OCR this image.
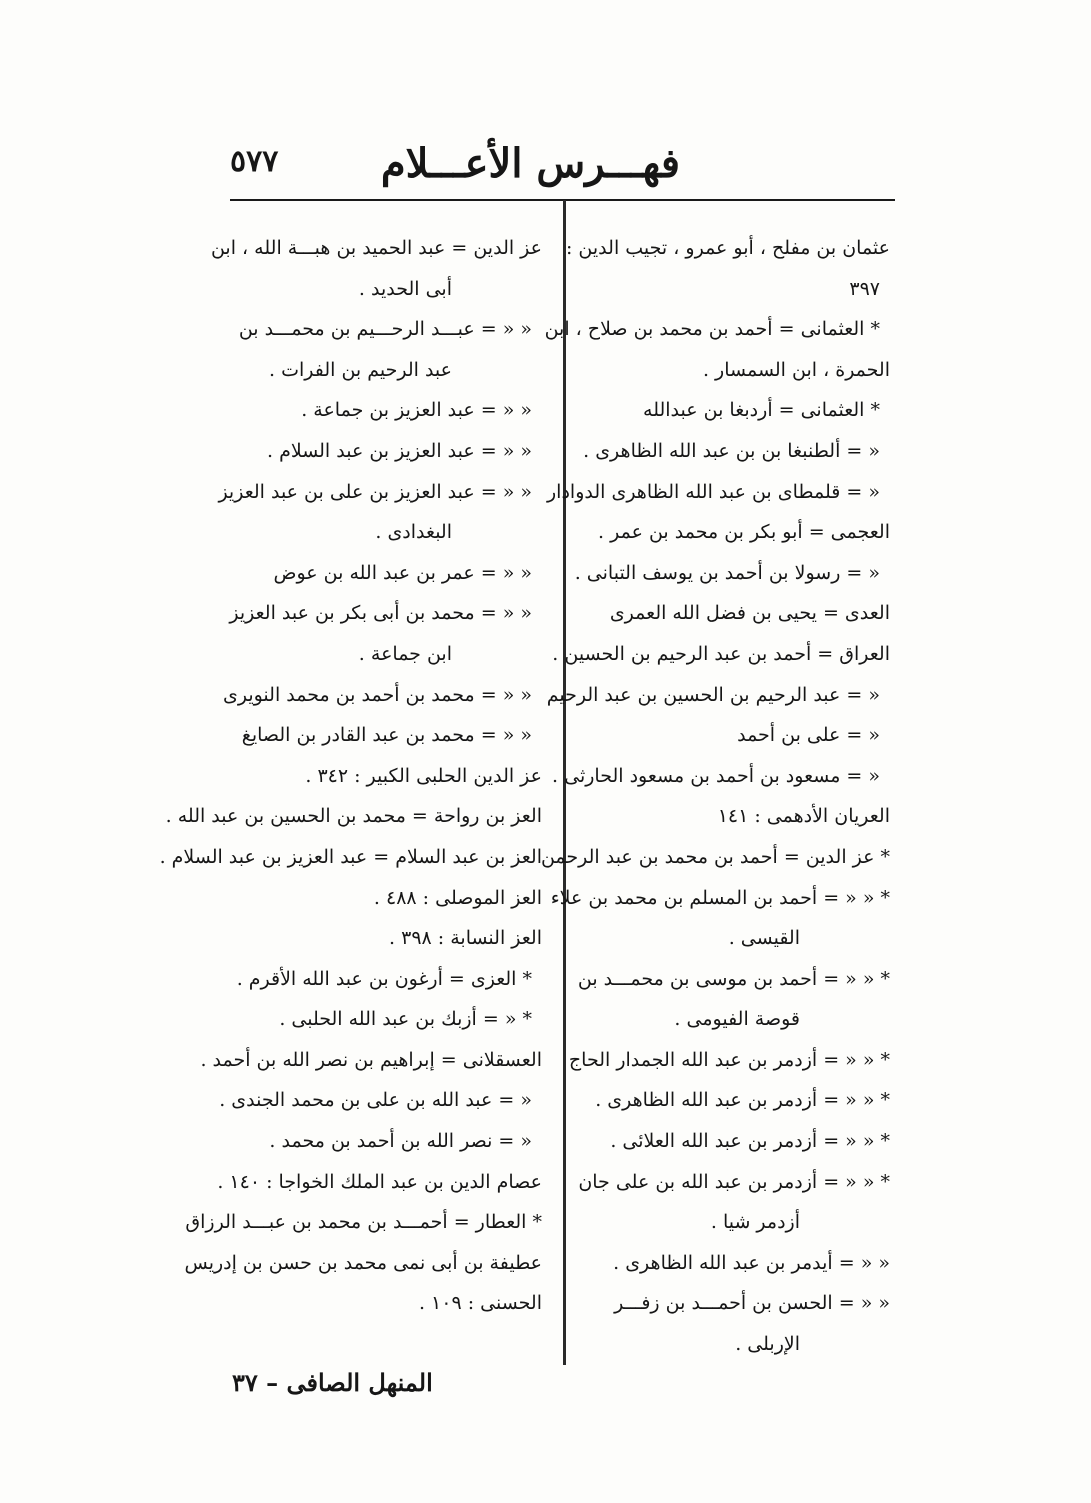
فهـــرس الأعـــلام
٥٧٧
عثمان بن مفلح ، أبو عمرو ، تجيب الدين :
٣٩٧
* العثمانى = أحمد بن محمد بن صلاح ، ابن
الحمرة ، ابن السمسار .
* العثمانى = أردبغا بن عبدالله
« = ألطنبغا بن بن عبد الله الظاهرى .
« = قلمطاى بن عبد الله الظاهرى الدوادار
العجمى = أبو بكر بن محمد بن عمر .
« = رسولا بن أحمد بن يوسف التبانى .
العدى = يحيى بن فضل الله العمرى
العراق = أحمد بن عبد الرحيم بن الحسين .
« = عبد الرحيم بن الحسين بن عبد الرحيم
« = على بن أحمد
« = مسعود بن أحمد بن مسعود الحارثى .
العريان الأدهمى : ١٤١
* عز الدين = أحمد بن محمد بن عبد الرحمن
* « « = أحمد بن المسلم بن محمد بن علاء
القيسى .
* « « = أحمد بن موسى بن محمـــد بن
قوصة الفيومى .
* « « = أزدمر بن عبد الله الجمدار الحاج
* « « = أزدمر بن عبد الله الظاهرى .
* « « = أزدمر بن عبد الله العلائى .
* « « = أزدمر بن عبد الله بن على جان
أزدمر شيا .
« « = أيدمر بن عبد الله الظاهرى .
« « = الحسن بن أحمـــد بن زفـــر
الإربلى .
عز الدين = عبد الحميد بن هبـــة الله ، ابن
أبى الحديد .
« « = عبـــد الرحـــيم بن محمـــد بن
عبد الرحيم بن الفرات .
« « = عبد العزيز بن جماعة .
« « = عبد العزيز بن عبد السلام .
« « = عبد العزيز بن على بن عبد العزيز
البغدادى .
« « = عمر بن عبد الله بن عوض
« « = محمد بن أبى بكر بن عبد العزيز
ابن جماعة .
« « = محمد بن أحمد بن محمد النويرى
« « = محمد بن عبد القادر بن الصايغ
عز الدين الحلبى الكبير : ٣٤٢ .
العز بن رواحة = محمد بن الحسين بن عبد الله .
العز بن عبد السلام = عبد العزيز بن عبد السلام .
العز الموصلى : ٤٨٨ .
العز النسابة : ٣٩٨ .
* العزى = أرغون بن عبد الله الأقرم .
* « = أزبك بن عبد الله الحلبى .
العسقلانى = إبراهيم بن نصر الله بن أحمد .
« = عبد الله بن على بن محمد الجندى .
« = نصر الله بن أحمد بن محمد .
عصام الدين بن عبد الملك الخواجا : ١٤٠ .
* العطار = أحمـــد بن محمد بن عبـــد الرزاق
عطيفة بن أبى نمى محمد بن حسن بن إدريس
الحسنى : ١٠٩ .
المنهل الصافى – ٣٧
